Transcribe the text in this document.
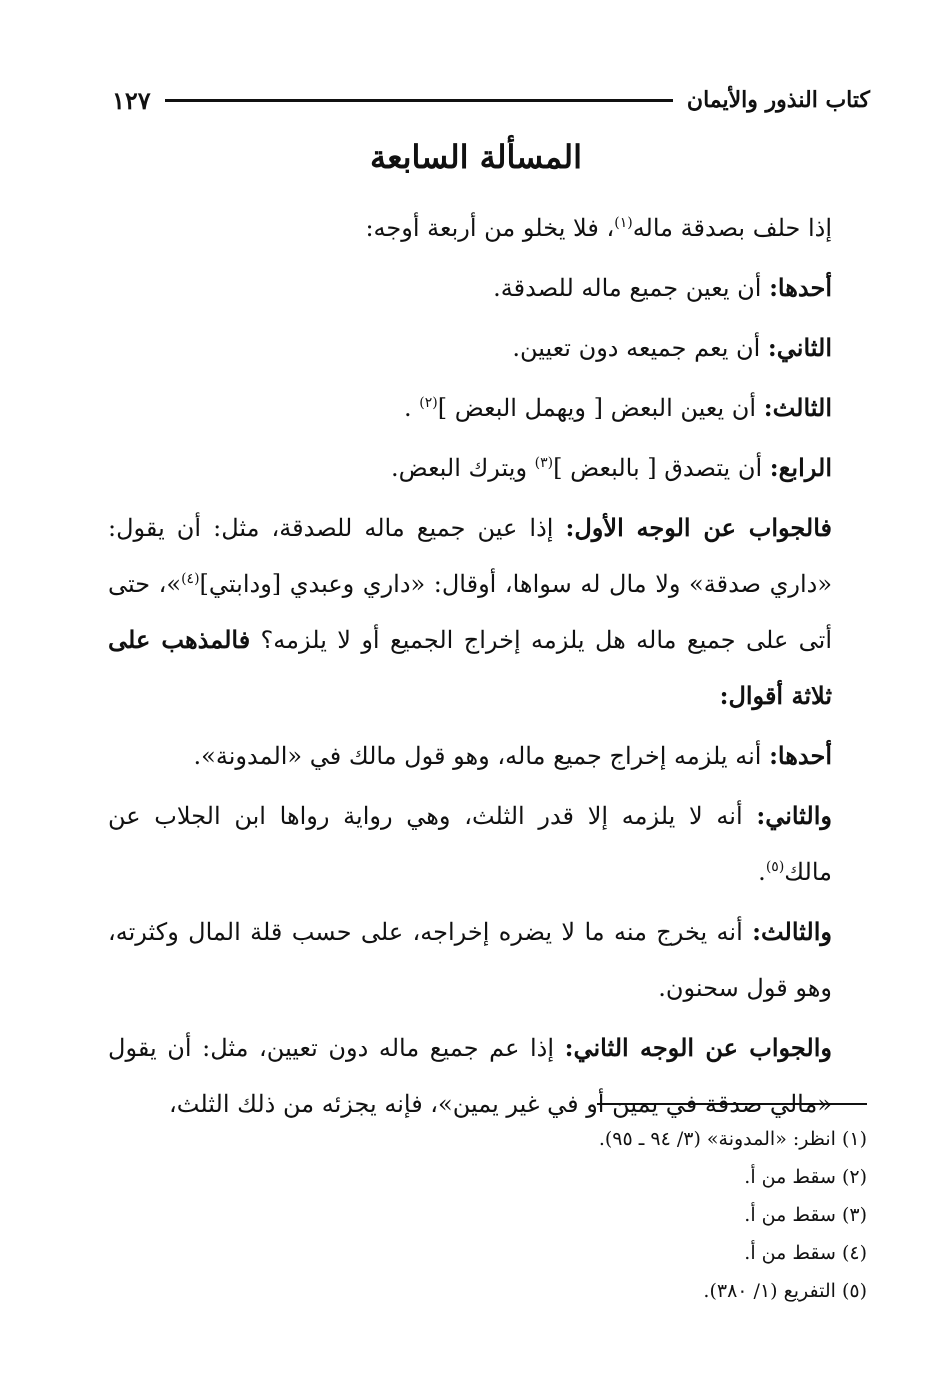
كتاب النذور والأيمان
١٢٧
المسألة السابعة

إذا حلف بصدقة ماله$^{(١)}$، فلا يخلو من أربعة أوجه:

أحدها: أن يعين جميع ماله للصدقة.

الثاني: أن يعم جميعه دون تعيين.

الثالث: أن يعين البعض [ ويهمل البعض ]$^{(٢)}$ .

الرابع: أن يتصدق [ بالبعض ]$^{(٣)}$ ويترك البعض.

فالجواب عن الوجه الأول: إذا عين جميع ماله للصدقة، مثل: أن يقول: «داري صدقة» ولا مال له سواها، أوقال: «داري وعبدي [ودابتي]$^{(٤)}$»، حتى أتى على جميع ماله هل يلزمه إخراج الجميع أو لا يلزمه؟ فالمذهب على ثلاثة أقوال:

أحدها: أنه يلزمه إخراج جميع ماله، وهو قول مالك في «المدونة».

والثاني: أنه لا يلزمه إلا قدر الثلث، وهي رواية رواها ابن الجلاب عن مالك$^{(٥)}$.

والثالث: أنه يخرج منه ما لا يضره إخراجه، على حسب قلة المال وكثرته، وهو قول سحنون.

والجواب عن الوجه الثاني: إذا عم جميع ماله دون تعيين، مثل: أن يقول «مالي صدقة في يمين أو في غير يمين»، فإنه يجزئه من ذلك الثلث،

(١) انظر: «المدونة» (٣/ ٩٤ ـ ٩٥).

(٢) سقط من أ.

(٣) سقط من أ.

(٤) سقط من أ.

(٥) التفريع (١/ ٣٨٠).
